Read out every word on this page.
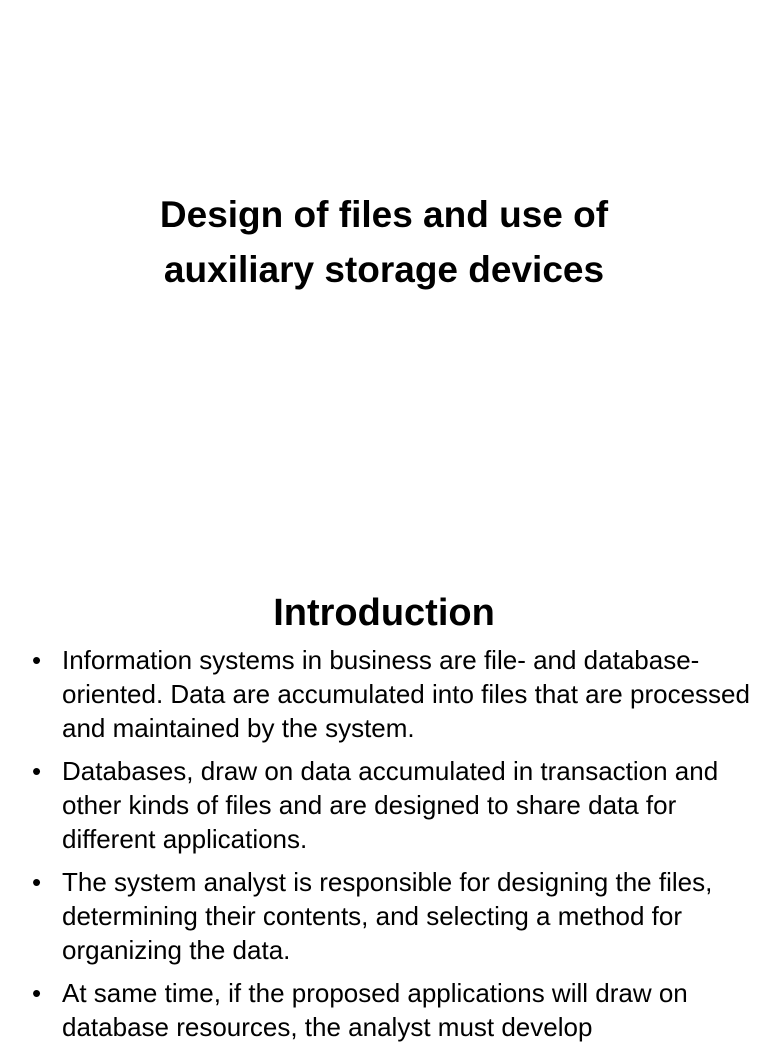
Design of files and use of
auxiliary storage devices
Introduction
• Information systems in business are file- and database-oriented. Data are accumulated into files that are processed and maintained by the system.
• Databases, draw on data accumulated in transaction and other kinds of files and are designed to share data for different applications.
• The system analyst is responsible for designing the files, determining their contents, and selecting a method for organizing the data.
• At same time, if the proposed applications will draw on database resources, the analyst must develop
